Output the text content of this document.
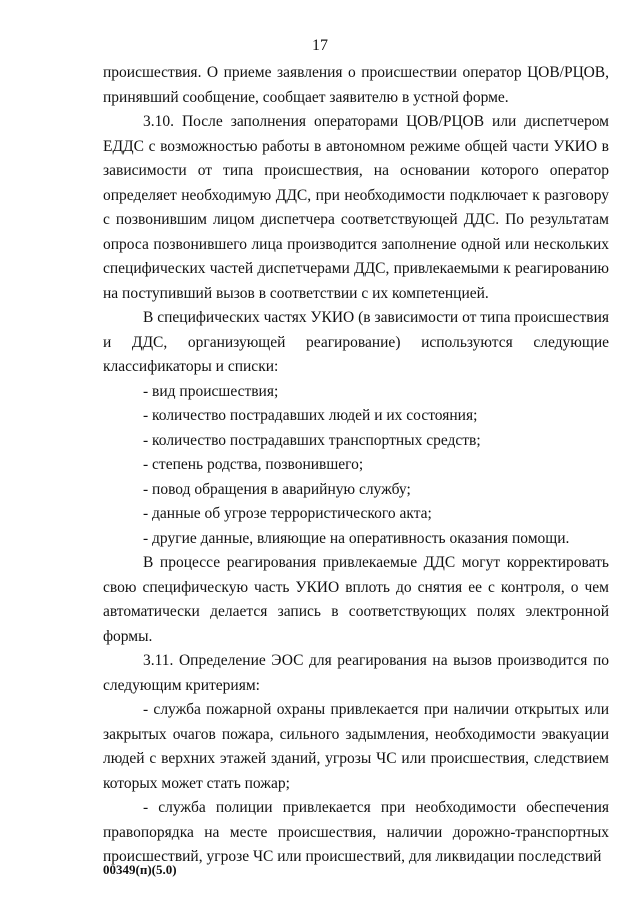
17

происшествия. О приеме заявления о происшествии оператор ЦОВ/РЦОВ, принявший сообщение, сообщает заявителю в устной форме.

3.10. После заполнения операторами ЦОВ/РЦОВ или диспетчером ЕДДС с возможностью работы в автономном режиме общей части УКИО в зависимости от типа происшествия, на основании которого оператор определяет необходимую ДДС, при необходимости подключает к разговору с позвонившим лицом диспетчера соответствующей ДДС. По результатам опроса позвонившего лица производится заполнение одной или нескольких специфических частей диспетчерами ДДС, привлекаемыми к реагированию на поступивший вызов в соответствии с их компетенцией.

В специфических частях УКИО (в зависимости от типа происшествия и ДДС, организующей реагирование) используются следующие классификаторы и списки:

- вид происшествия;

- количество пострадавших людей и их состояния;

- количество пострадавших транспортных средств;

- степень родства, позвонившего;

- повод обращения в аварийную службу;

- данные об угрозе террористического акта;

- другие данные, влияющие на оперативность оказания помощи.

В процессе реагирования привлекаемые ДДС могут корректировать свою специфическую часть УКИО вплоть до снятия ее с контроля, о чем автоматически делается запись в соответствующих полях электронной формы.

3.11. Определение ЭОС для реагирования на вызов производится по следующим критериям:

- служба пожарной охраны привлекается при наличии открытых или закрытых очагов пожара, сильного задымления, необходимости эвакуации людей с верхних этажей зданий, угрозы ЧС или происшествия, следствием которых может стать пожар;

- служба полиции привлекается при необходимости обеспечения правопорядка на месте происшествия, наличии дорожно-транспортных происшествий, угрозе ЧС или происшествий, для ликвидации последствий

00349(п)(5.0)
